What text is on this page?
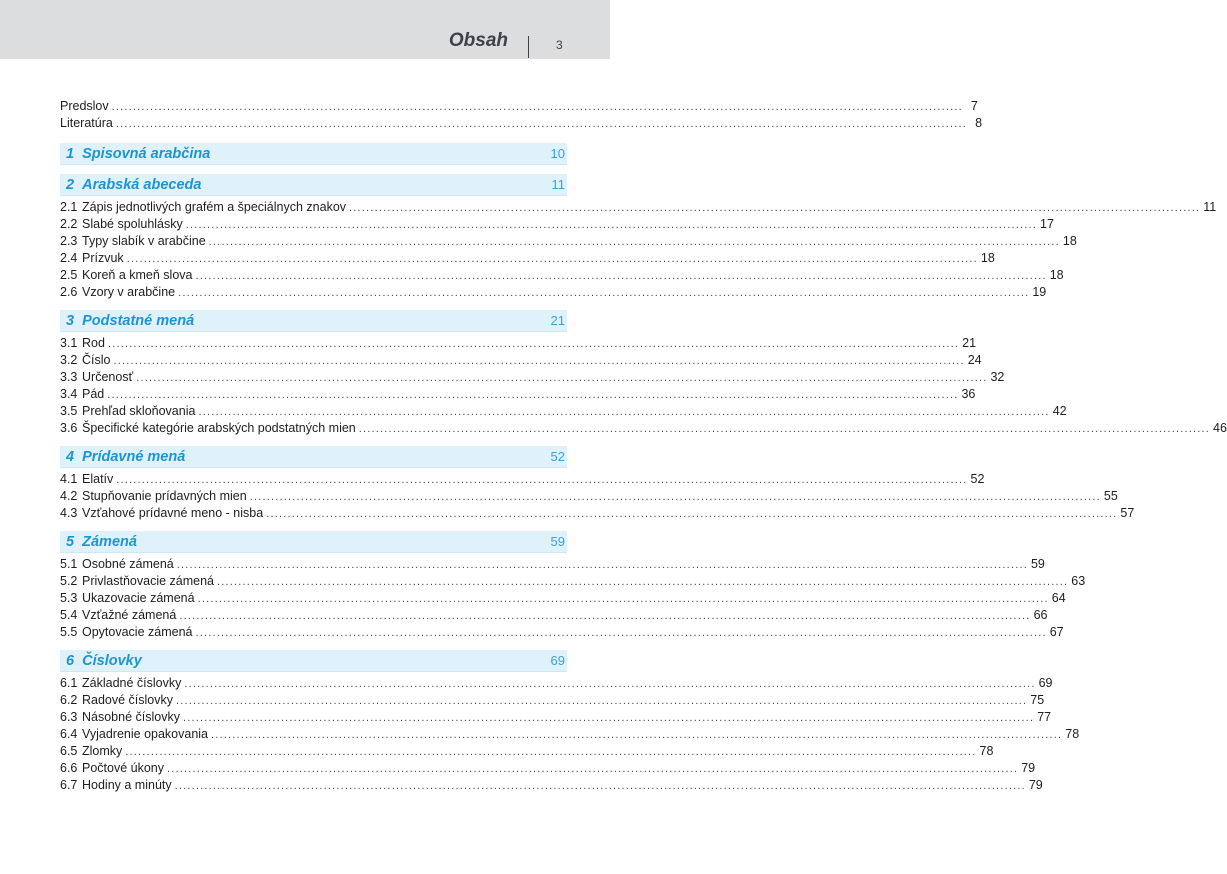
Obsah	3
Predslov ........................................................................................................................................................................................................ 7
Literatúra ........................................................................................................................................................................................................ 8
1 Spisovná arabčina	10
2 Arabská abeceda	11
2.1 Zápis jednotlivých grafém a špeciálnych znakov ........................................................................................................................................................................................................ 11
2.2 Slabé spoluhlásky ........................................................................................................................................................................................................ 17
2.3 Typy slabík v arabčine ........................................................................................................................................................................................................ 18
2.4 Prízvuk ........................................................................................................................................................................................................ 18
2.5 Koreň a kmeň slova ........................................................................................................................................................................................................ 18
2.6 Vzory v arabčine ........................................................................................................................................................................................................ 19
3 Podstatné mená	21
3.1 Rod ........................................................................................................................................................................................................ 21
3.2 Číslo ........................................................................................................................................................................................................ 24
3.3 Určenosť ........................................................................................................................................................................................................ 32
3.4 Pád ........................................................................................................................................................................................................ 36
3.5 Prehľad skloňovania ........................................................................................................................................................................................................ 42
3.6 Špecifické kategórie arabských podstatných mien ........................................................................................................................................................................................................ 46
4 Prídavné mená	52
4.1 Elatív ........................................................................................................................................................................................................ 52
4.2 Stupňovanie prídavných mien ........................................................................................................................................................................................................ 55
4.3 Vzťahové prídavné meno - nisba ........................................................................................................................................................................................................ 57
5 Zámená	59
5.1 Osobné zámená ........................................................................................................................................................................................................ 59
5.2 Privlastňovacie zámená ........................................................................................................................................................................................................ 63
5.3 Ukazovacie zámená ........................................................................................................................................................................................................ 64
5.4 Vzťažné zámená ........................................................................................................................................................................................................ 66
5.5 Opytovacie zámená ........................................................................................................................................................................................................ 67
6 Číslovky	69
6.1 Základné číslovky ........................................................................................................................................................................................................ 69
6.2 Radové číslovky ........................................................................................................................................................................................................ 75
6.3 Násobné číslovky ........................................................................................................................................................................................................ 77
6.4 Vyjadrenie opakovania ........................................................................................................................................................................................................ 78
6.5 Zlomky ........................................................................................................................................................................................................ 78
6.6 Počtové úkony ........................................................................................................................................................................................................ 79
6.7 Hodiny a minúty ........................................................................................................................................................................................................ 79
